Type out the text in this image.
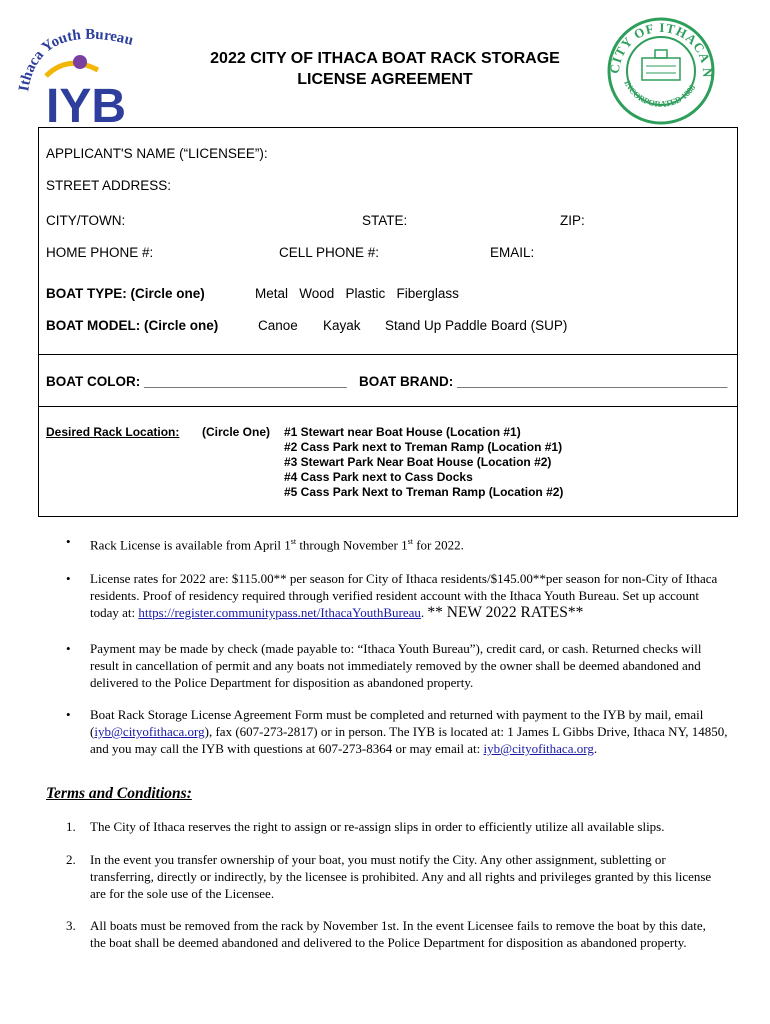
Ithaca Youth Bureau
IYB
2022 CITY OF ITHACA BOAT RACK STORAGE
LICENSE AGREEMENT
CITY OF ITHACA N
INCORPORATED 1888
APPLICANT'S NAME (“LICENSEE”):
STREET ADDRESS:
CITY/TOWN:	STATE:	ZIP:
HOME PHONE #:	CELL PHONE #:	EMAIL:
BOAT TYPE: (Circle one)	Metal   Wood   Plastic   Fiberglass
BOAT MODEL: (Circle one)	Canoe Kayak Stand Up Paddle Board (SUP)
BOAT COLOR: ___________________________ BOAT BRAND: ____________________________________
Desired Rack Location: (Circle One) #1 Stewart near Boat House (Location #1)
#2 Cass Park next to Treman Ramp (Location #1)
#3 Stewart Park Near Boat House (Location #2)
#4 Cass Park next to Cass Docks
#5 Cass Park Next to Treman Ramp (Location #2)
• Rack License is available from April 1st through November 1st for 2022.
• License rates for 2022 are: $115.00** per season for City of Ithaca residents/$145.00**per season for non-City of Ithaca residents. Proof of residency required through verified resident account with the Ithaca Youth Bureau. Set up account today at: https://register.communitypass.net/IthacaYouthBureau. ** NEW 2022 RATES**
• Payment may be made by check (made payable to: “Ithaca Youth Bureau”), credit card, or cash. Returned checks will result in cancellation of permit and any boats not immediately removed by the owner shall be deemed abandoned and delivered to the Police Department for disposition as abandoned property.
• Boat Rack Storage License Agreement Form must be completed and returned with payment to the IYB by mail, email (iyb@cityofithaca.org), fax (607-273-2817) or in person. The IYB is located at: 1 James L Gibbs Drive, Ithaca NY, 14850, and you may call the IYB with questions at 607-273-8364 or may email at: iyb@cityofithaca.org.
Terms and Conditions:
1. The City of Ithaca reserves the right to assign or re-assign slips in order to efficiently utilize all available slips.
2. In the event you transfer ownership of your boat, you must notify the City. Any other assignment, subletting or transferring, directly or indirectly, by the licensee is prohibited. Any and all rights and privileges granted by this license are for the sole use of the Licensee.
3. All boats must be removed from the rack by November 1st. In the event Licensee fails to remove the boat by this date, the boat shall be deemed abandoned and delivered to the Police Department for disposition as abandoned property.
